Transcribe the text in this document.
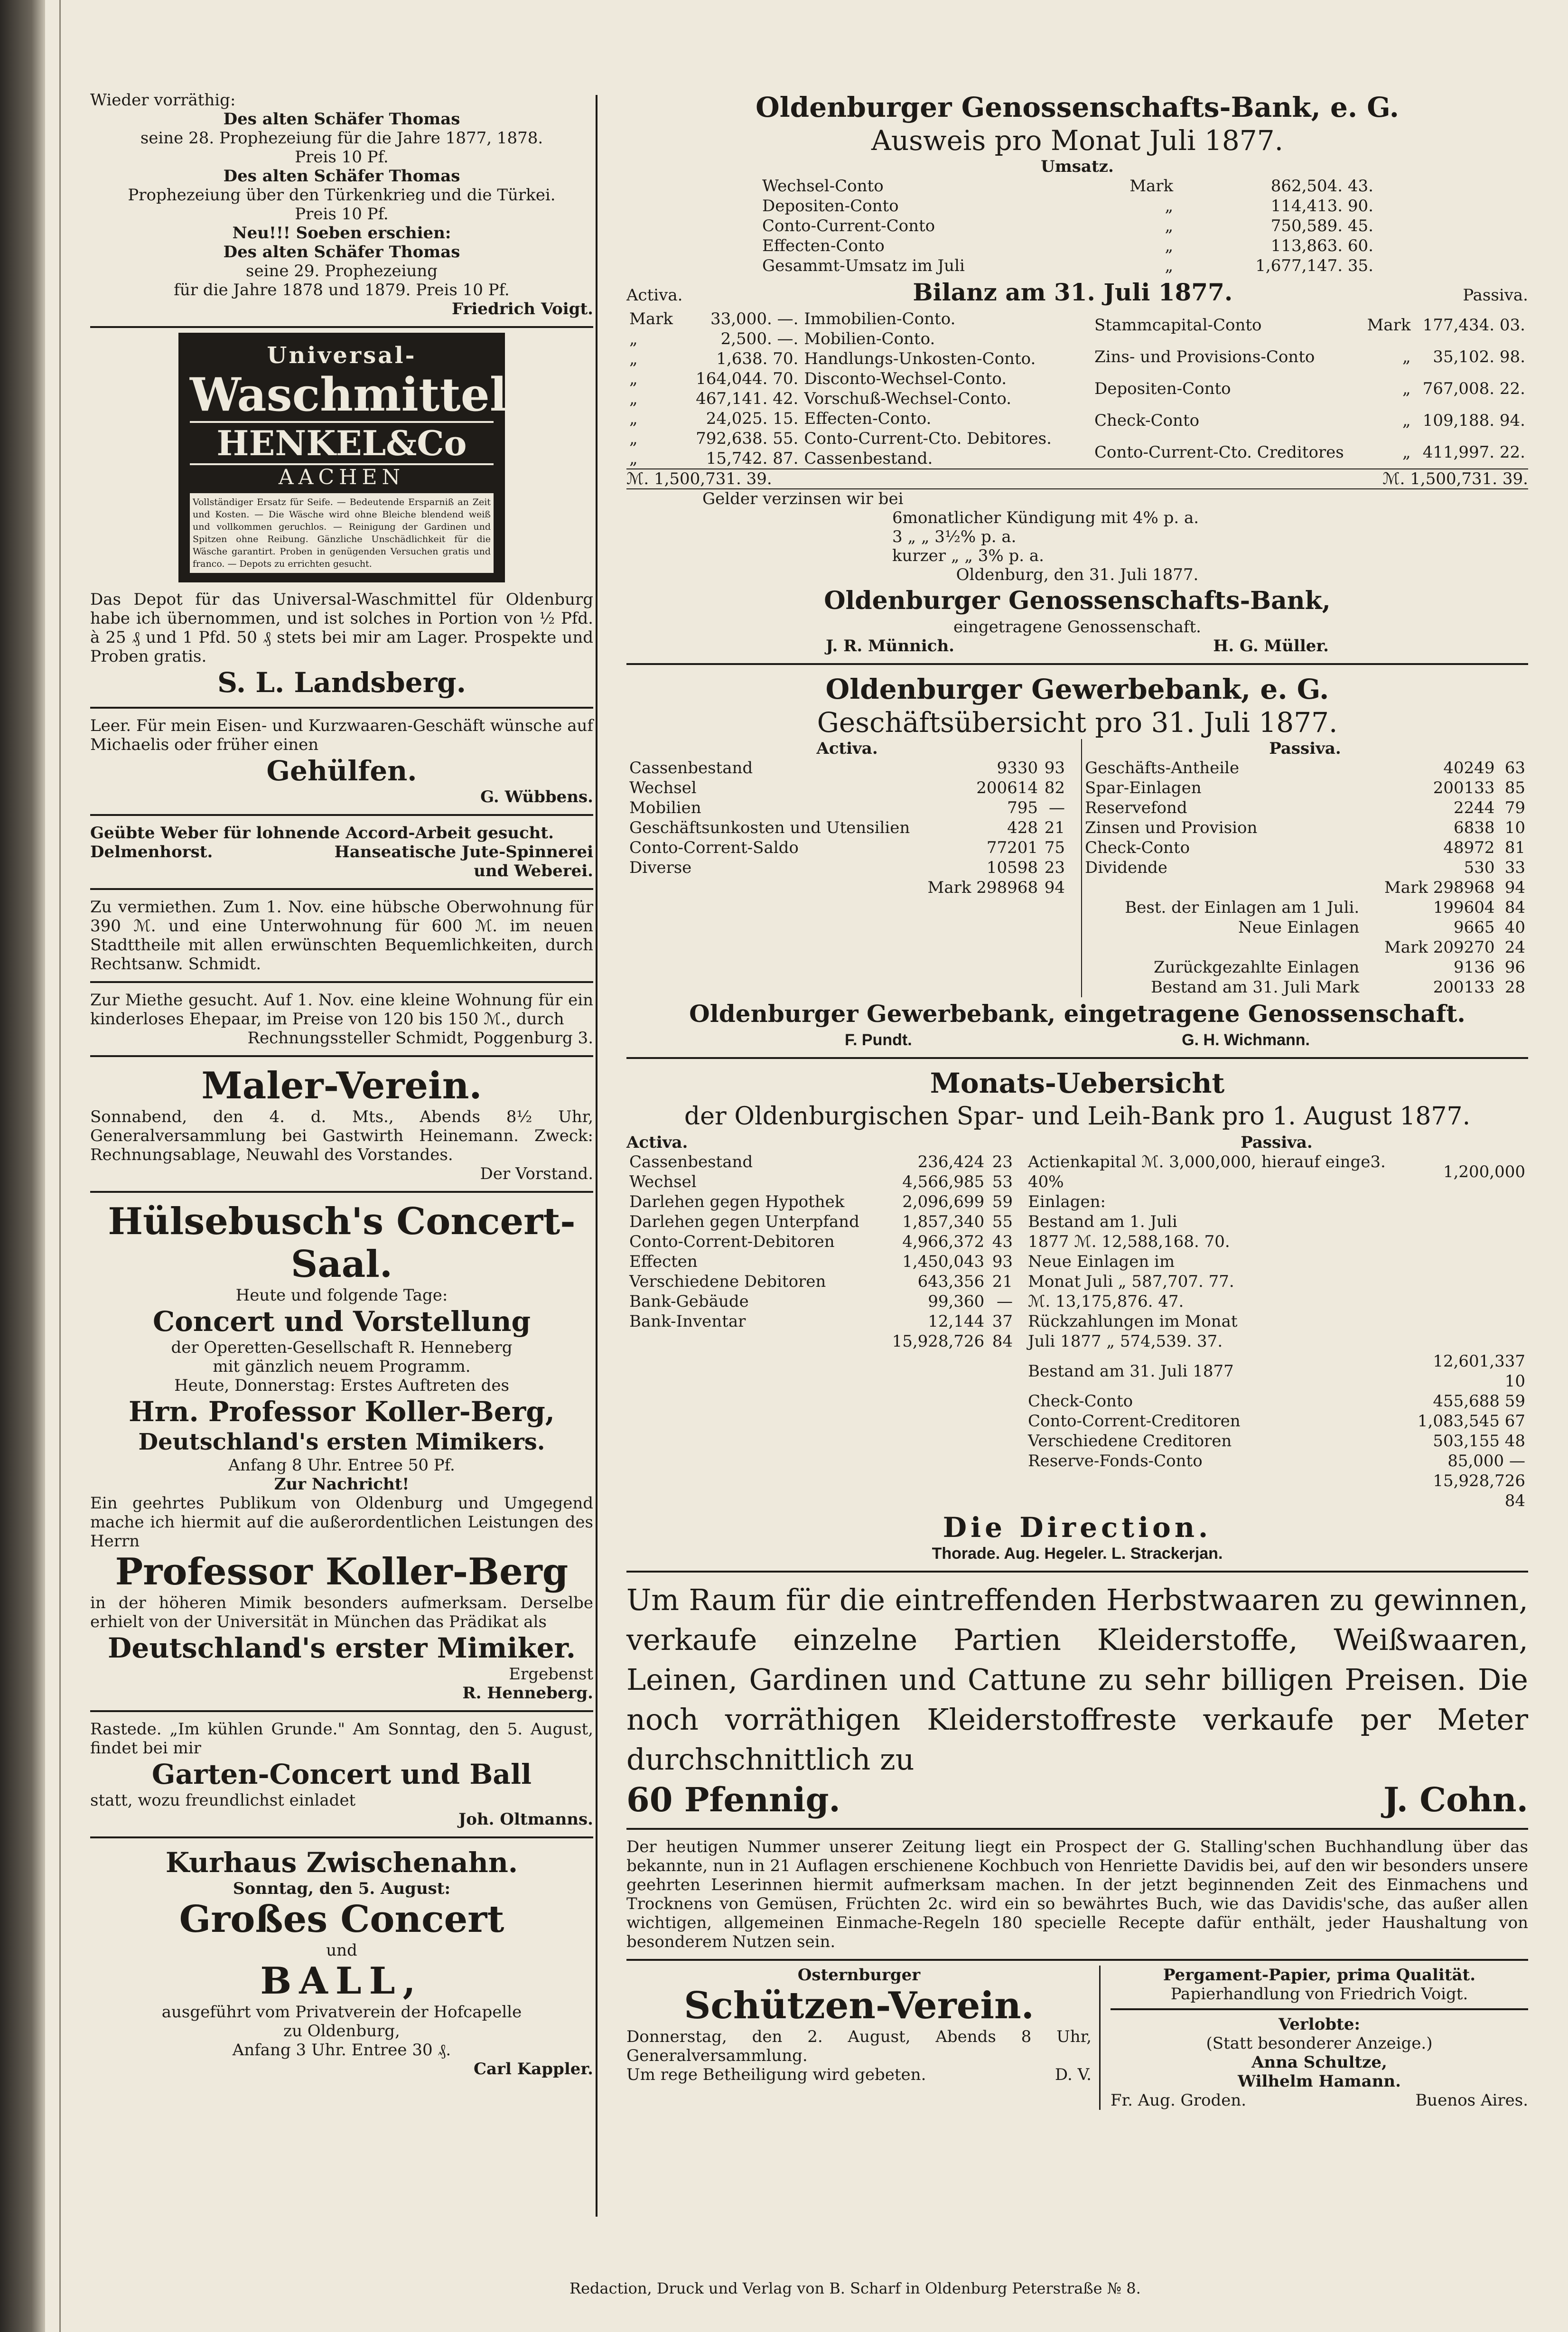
Wieder vorräthig:

Des alten Schäfer Thomas

seine 28. Prophezeiung für die Jahre 1877, 1878.

Preis 10 Pf.

Des alten Schäfer Thomas

Prophezeiung über den Türkenkrieg und die Türkei.

Preis 10 Pf.

Neu!!! Soeben erschien:

Des alten Schäfer Thomas

seine 29. Prophezeiung

für die Jahre 1878 und 1879. Preis 10 Pf.

Friedrich Voigt.

Universal-
Waschmittel
HENKEL&Co
AACHEN
Vollständiger Ersatz für Seife. — Bedeutende Ersparniß an Zeit und Kosten. — Die Wäsche wird ohne Bleiche blendend weiß und vollkommen geruchlos. — Reinigung der Gardinen und Spitzen ohne Reibung. Gänzliche Unschädlichkeit für die Wäsche garantirt. Proben in genügenden Versuchen gratis und franco. — Depots zu errichten gesucht.

Das Depot für das Universal-Waschmittel für Oldenburg habe ich übernommen, und ist solches in Portion von ½ Pfd. à 25 ₰ und 1 Pfd. 50 ₰ stets bei mir am Lager. Prospekte und Proben gratis.

S. L. Landsberg.

Leer. Für mein Eisen- und Kurzwaaren-Geschäft wünsche auf Michaelis oder früher einen

Gehülfen.

G. Wübbens.

Geübte Weber für lohnende Accord-Arbeit gesucht.

Delmenhorst.	Hanseatische Jute-Spinnerei und Weberei.

Zu vermiethen. Zum 1. Nov. eine hübsche Oberwohnung für 390 ℳ. und eine Unterwohnung für 600 ℳ. im neuen Stadttheile mit allen erwünschten Bequemlichkeiten, durch Rechtsanw. Schmidt.

Zur Miethe gesucht. Auf 1. Nov. eine kleine Wohnung für ein kinderloses Ehepaar, im Preise von 120 bis 150 ℳ., durch

Rechnungssteller Schmidt, Poggenburg 3.

Maler-Verein.

Sonnabend, den 4. d. Mts., Abends 8½ Uhr, Generalversammlung bei Gastwirth Heinemann. Zweck: Rechnungsablage, Neuwahl des Vorstandes.

Der Vorstand.

Hülsebusch's Concert-Saal.

Heute und folgende Tage:

Concert und Vorstellung

der Operetten-Gesellschaft R. Henneberg

mit gänzlich neuem Programm.

Heute, Donnerstag: Erstes Auftreten des

Hrn. Professor Koller-Berg,

Deutschland's ersten Mimikers.

Anfang 8 Uhr. Entree 50 Pf.

Zur Nachricht!

Ein geehrtes Publikum von Oldenburg und Umgegend mache ich hiermit auf die außerordentlichen Leistungen des Herrn

Professor Koller-Berg

in der höheren Mimik besonders aufmerksam. Derselbe erhielt von der Universität in München das Prädikat als

Deutschland's erster Mimiker.

Ergebenst

R. Henneberg.

Rastede. „Im kühlen Grunde." Am Sonntag, den 5. August, findet bei mir

Garten-Concert und Ball

statt, wozu freundlichst einladet

Joh. Oltmanns.

Kurhaus Zwischenahn.

Sonntag, den 5. August:

Großes Concert

und

BALL,

ausgeführt vom Privatverein der Hofcapelle

zu Oldenburg,

Anfang 3 Uhr. Entree 30 ₰.

Carl Kappler.

Oldenburger Genossenschafts-Bank, e. G.

Ausweis pro Monat Juli 1877.

Umsatz.

Wechsel-Conto	Mark	862,504. 43.
Depositen-Conto	„	114,413. 90.
Conto-Current-Conto	„	750,589. 45.
Effecten-Conto	„	113,863. 60.
Gesammt-Umsatz im Juli	„	1,677,147. 35.

Activa.	Bilanz am 31. Juli 1877.	Passiva.

Mark	33,000. —.	Immobilien-Conto.
„	2,500. —.	Mobilien-Conto.
„	1,638. 70.	Handlungs-Unkosten-Conto.
„	164,044. 70.	Disconto-Wechsel-Conto.
„	467,141. 42.	Vorschuß-Wechsel-Conto.
„	24,025. 15.	Effecten-Conto.
„	792,638. 55.	Conto-Current-Cto. Debitores.
„	15,742. 87.	Cassenbestand.
Stammcapital-Conto	Mark	177,434. 03.
Zins- und Provisions-Conto	„	35,102. 98.
Depositen-Conto	„	767,008. 22.
Check-Conto	„	109,188. 94.
Conto-Current-Cto. Creditores	„	411,997. 22.

ℳ. 1,500,731. 39.	ℳ. 1,500,731. 39.

Gelder verzinsen wir bei

6monatlicher Kündigung mit 4% p. a.

3 „ „ 3½% p. a.

kurzer „ „ 3% p. a.

Oldenburg, den 31. Juli 1877.

Oldenburger Genossenschafts-Bank,

eingetragene Genossenschaft.

J. R. Münnich.	H. G. Müller.

Oldenburger Gewerbebank, e. G.

Geschäftsübersicht pro 31. Juli 1877.

Activa.

Cassenbestand	9330	93
Wechsel	200614	82
Mobilien	795	—
Geschäftsunkosten und Utensilien	428	21
Conto-Corrent-Saldo	77201	75
Diverse	10598	23
	Mark 298968	94

Passiva.

Geschäfts-Antheile	40249	63
Spar-Einlagen	200133	85
Reservefond	2244	79
Zinsen und Provision	6838	10
Check-Conto	48972	81
Dividende	530	33
	Mark 298968	94
Best. der Einlagen am 1 Juli.	199604	84
Neue Einlagen	9665	40
	Mark 209270	24
Zurückgezahlte Einlagen	9136	96
Bestand am 31. Juli Mark	200133	28

Oldenburger Gewerbebank, eingetragene Genossenschaft.

F. Pundt.	G. H. Wichmann.

Monats-Uebersicht

der Oldenburgischen Spar- und Leih-Bank pro 1. August 1877.

Activa.

Cassenbestand	236,424	23
Wechsel	4,566,985	53
Darlehen gegen Hypothek	2,096,699	59
Darlehen gegen Unterpfand	1,857,340	55
Conto-Corrent-Debitoren	4,966,372	43
Effecten	1,450,043	93
Verschiedene Debitoren	643,356	21
Bank-Gebäude	99,360	—
Bank-Inventar	12,144	37
	15,928,726	84

Passiva.

Actienkapital ℳ. 3,000,000, hierauf einge3. 40%	1,200,000
Einlagen:	
Bestand am 1. Juli	
1877 ℳ. 12,588,168. 70.	
Neue Einlagen im	
Monat Juli „ 587,707. 77.	
ℳ. 13,175,876. 47.	
Rückzahlungen im Monat	
Juli 1877 „ 574,539. 37.	
Bestand am 31. Juli 1877	12,601,337 10
Check-Conto	455,688 59
Conto-Corrent-Creditoren	1,083,545 67
Verschiedene Creditoren	503,155 48
Reserve-Fonds-Conto	85,000 —
	15,928,726 84

Die Direction.

Thorade. Aug. Hegeler. L. Strackerjan.

Um Raum für die eintreffenden Herbstwaaren zu gewinnen, verkaufe einzelne Partien Kleiderstoffe, Weißwaaren, Leinen, Gardinen und Cattune zu sehr billigen Preisen. Die noch vorräthigen Kleiderstoffreste verkaufe per Meter durchschnittlich zu

60 Pfennig.	J. Cohn.

Der heutigen Nummer unserer Zeitung liegt ein Prospect der G. Stalling'schen Buchhandlung über das bekannte, nun in 21 Auflagen erschienene Kochbuch von Henriette Davidis bei, auf den wir besonders unsere geehrten Leserinnen hiermit aufmerksam machen. In der jetzt beginnenden Zeit des Einmachens und Trocknens von Gemüsen, Früchten 2c. wird ein so bewährtes Buch, wie das Davidis'sche, das außer allen wichtigen, allgemeinen Einmache-Regeln 180 specielle Recepte dafür enthält, jeder Haushaltung von besonderem Nutzen sein.

Osternburger

Schützen-Verein.

Donnerstag, den 2. August, Abends 8 Uhr, Generalversammlung.

Um rege Betheiligung wird gebeten.	D. V.

Pergament-Papier, prima Qualität.

Papierhandlung von Friedrich Voigt.

Verlobte:

(Statt besonderer Anzeige.)

Anna Schultze,

Wilhelm Hamann.

Fr. Aug. Groden.	Buenos Aires.

Redaction, Druck und Verlag von B. Scharf in Oldenburg Peterstraße № 8.
